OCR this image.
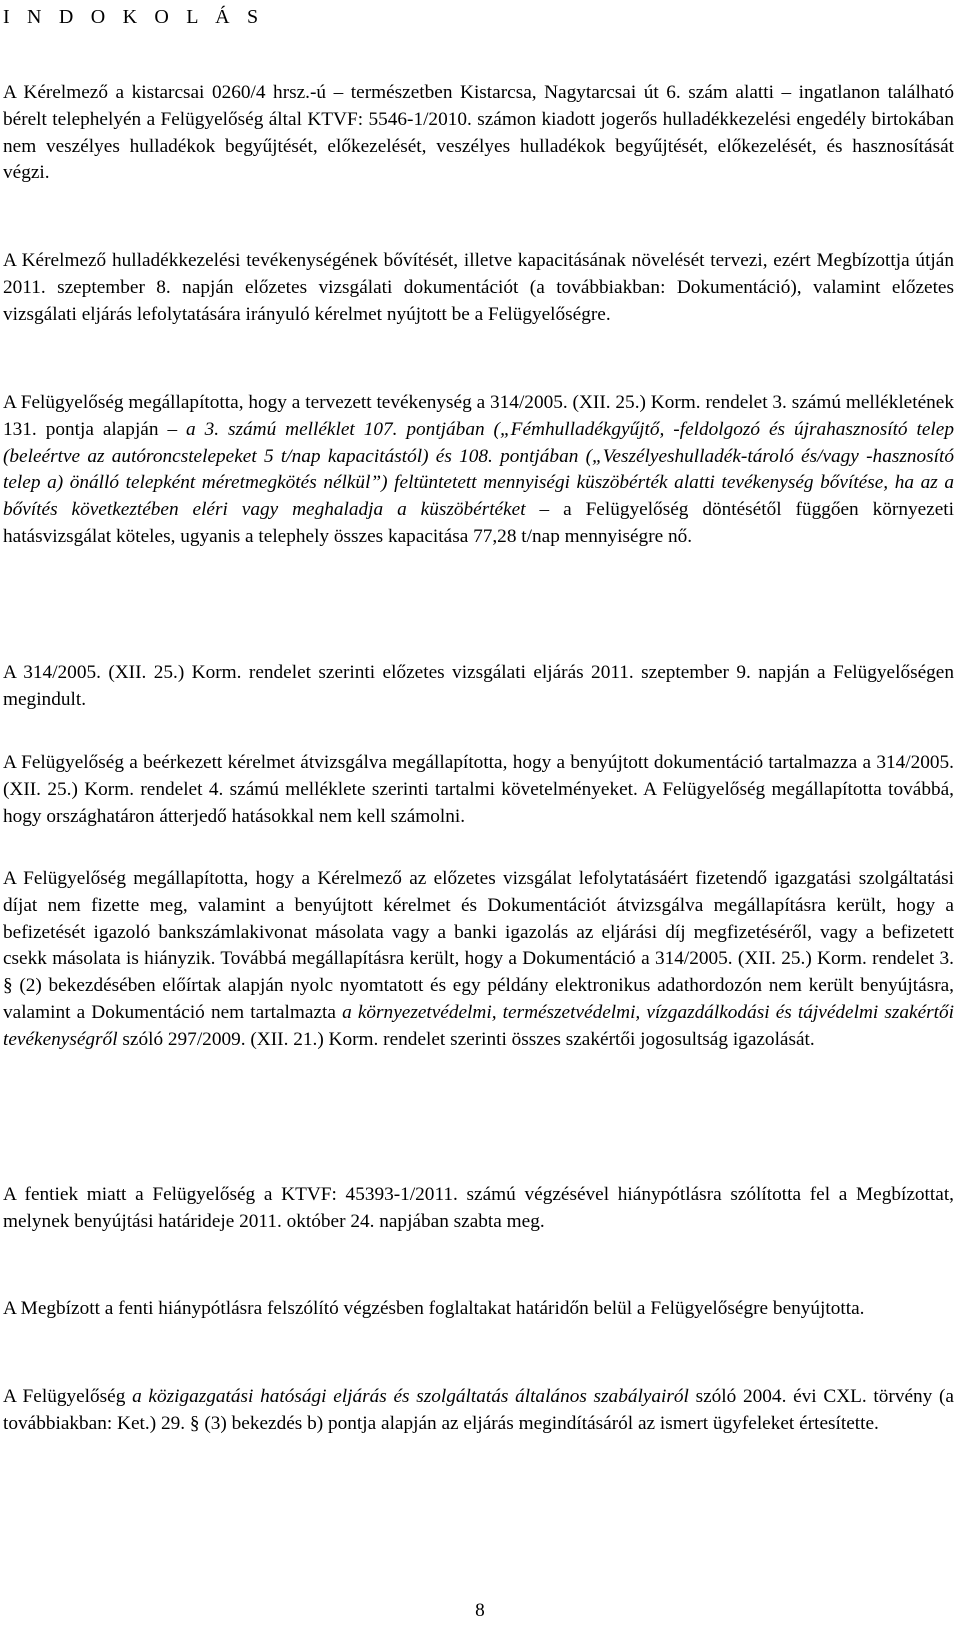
I N D O K O L Á S

A Kérelmező a kistarcsai 0260/4 hrsz.-ú – természetben Kistarcsa, Nagytarcsai út 6. szám alatti – ingatlanon található bérelt telephelyén a Felügyelőség által KTVF: 5546-1/2010. számon kiadott jogerős hulladékkezelési engedély birtokában nem veszélyes hulladékok begyűjtését, előkezelését, veszélyes hulladékok begyűjtését, előkezelését, és hasznosítását végzi.

A Kérelmező hulladékkezelési tevékenységének bővítését, illetve kapacitásának növelését tervezi, ezért Megbízottja útján 2011. szeptember 8. napján előzetes vizsgálati dokumentációt (a továbbiakban: Dokumentáció), valamint előzetes vizsgálati eljárás lefolytatására irányuló kérelmet nyújtott be a Felügyelőségre.

A Felügyelőség megállapította, hogy a tervezett tevékenység a 314/2005. (XII. 25.) Korm. rendelet 3. számú mellékletének 131. pontja alapján – a 3. számú melléklet 107. pontjában („Fémhulladékgyűjtő, -feldolgozó és újrahasznosító telep (beleértve az autóroncstelepeket 5 t/nap kapacitástól) és 108. pontjában („Veszélyeshulladék-tároló és/vagy -hasznosító telep a) önálló telepként méretmegkötés nélkül”) feltüntetett mennyiségi küszöbérték alatti tevékenység bővítése, ha az a bővítés következtében eléri vagy meghaladja a küszöbértéket – a Felügyelőség döntésétől függően környezeti hatásvizsgálat köteles, ugyanis a telephely összes kapacitása 77,28 t/nap mennyiségre nő.

A 314/2005. (XII. 25.) Korm. rendelet szerinti előzetes vizsgálati eljárás 2011. szeptember 9. napján a Felügyelőségen megindult.

A Felügyelőség a beérkezett kérelmet átvizsgálva megállapította, hogy a benyújtott dokumentáció tartalmazza a 314/2005. (XII. 25.) Korm. rendelet 4. számú melléklete szerinti tartalmi követelményeket. A Felügyelőség megállapította továbbá, hogy országhatáron átterjedő hatásokkal nem kell számolni.

A Felügyelőség megállapította, hogy a Kérelmező az előzetes vizsgálat lefolytatásáért fizetendő igazgatási szolgáltatási díjat nem fizette meg, valamint a benyújtott kérelmet és Dokumentációt átvizsgálva megállapításra került, hogy a befizetését igazoló bankszámlakivonat másolata vagy a banki igazolás az eljárási díj megfizetéséről, vagy a befizetett csekk másolata is hiányzik. Továbbá megállapításra került, hogy a Dokumentáció a 314/2005. (XII. 25.) Korm. rendelet 3. § (2) bekezdésében előírtak alapján nyolc nyomtatott és egy példány elektronikus adathordozón nem került benyújtásra, valamint a Dokumentáció nem tartalmazta a környezetvédelmi, természetvédelmi, vízgazdálkodási és tájvédelmi szakértői tevékenységről szóló 297/2009. (XII. 21.) Korm. rendelet szerinti összes szakértői jogosultság igazolását.

A fentiek miatt a Felügyelőség a KTVF: 45393-1/2011. számú végzésével hiánypótlásra szólította fel a Megbízottat, melynek benyújtási határideje 2011. október 24. napjában szabta meg.

A Megbízott a fenti hiánypótlásra felszólító végzésben foglaltakat határidőn belül a Felügyelőségre benyújtotta.

A Felügyelőség a közigazgatási hatósági eljárás és szolgáltatás általános szabályairól szóló 2004. évi CXL. törvény (a továbbiakban: Ket.) 29. § (3) bekezdés b) pontja alapján az eljárás megindításáról az ismert ügyfeleket értesítette.

8
